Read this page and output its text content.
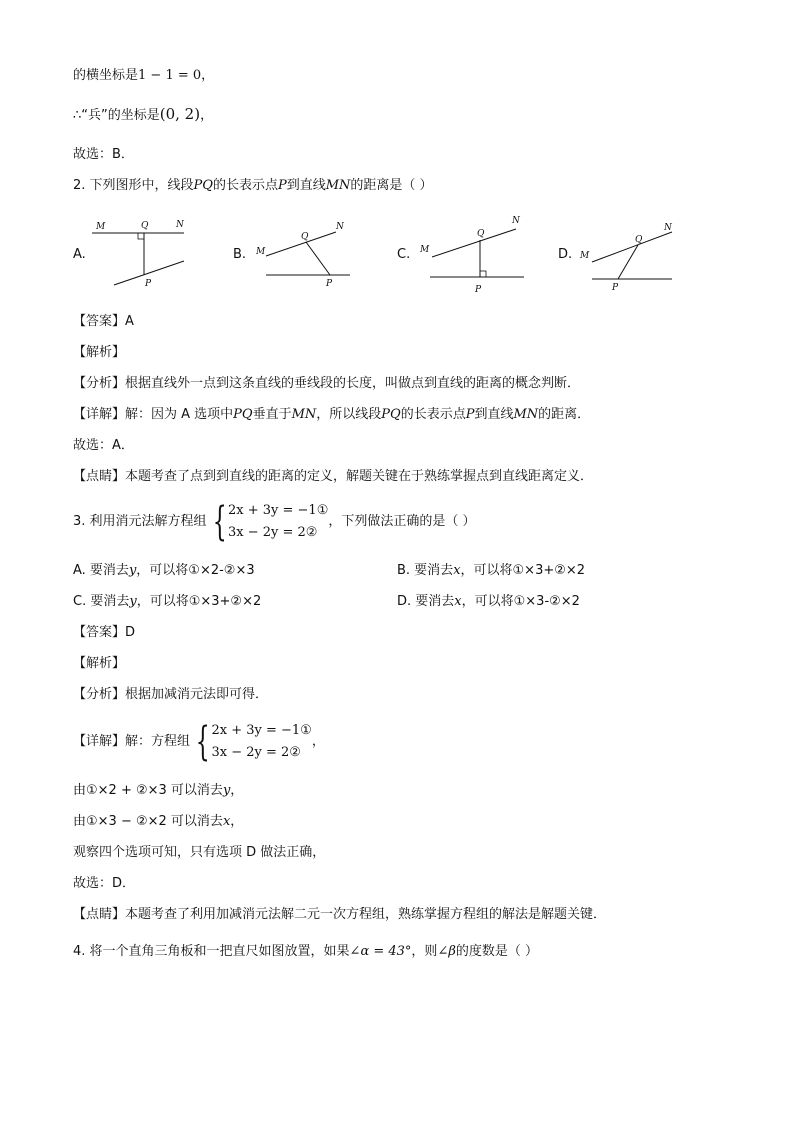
的横坐标是1 − 1 = 0，
∴“兵”的坐标是(0, 2)，
故选：B．
2. 下列图形中，线段PQ的长表示点P到直线MN的距离是（ ）
A.	B.	C.	D.
M	Q	N
P
M
Q
N
P
M
Q
N
P
M
Q
N
P
【答案】A
【解析】
【分析】根据直线外一点到这条直线的垂线段的长度，叫做点到直线的距离的概念判断．
【详解】解：因为 A 选项中PQ垂直于MN，所以线段PQ的长表示点P到直线MN的距离．
故选：A．
【点睛】本题考查了点到到直线的距离的定义，解题关键在于熟练掌握点到直线距离定义．
3. 利用消元法解方程组 { 2x + 3y = −1①
3x − 2y = 2②
，下列做法正确的是（ ）
A. 要消去y，可以将①×2-②×3	B. 要消去x，可以将①×3+②×2
C. 要消去y，可以将①×3+②×2	D. 要消去x，可以将①×3-②×2
【答案】D
【解析】
【分析】根据加减消元法即可得．
【详解】解：方程组 { 2x + 3y = −1①
3x − 2y = 2②
，
由①×2 + ②×3 可以消去y，
由①×3 − ②×2 可以消去x，
观察四个选项可知，只有选项 D 做法正确，
故选：D．
【点睛】本题考查了利用加减消元法解二元一次方程组，熟练掌握方程组的解法是解题关键．
4. 将一个直角三角板和一把直尺如图放置，如果∠α = 43°，则∠β的度数是（ ）
